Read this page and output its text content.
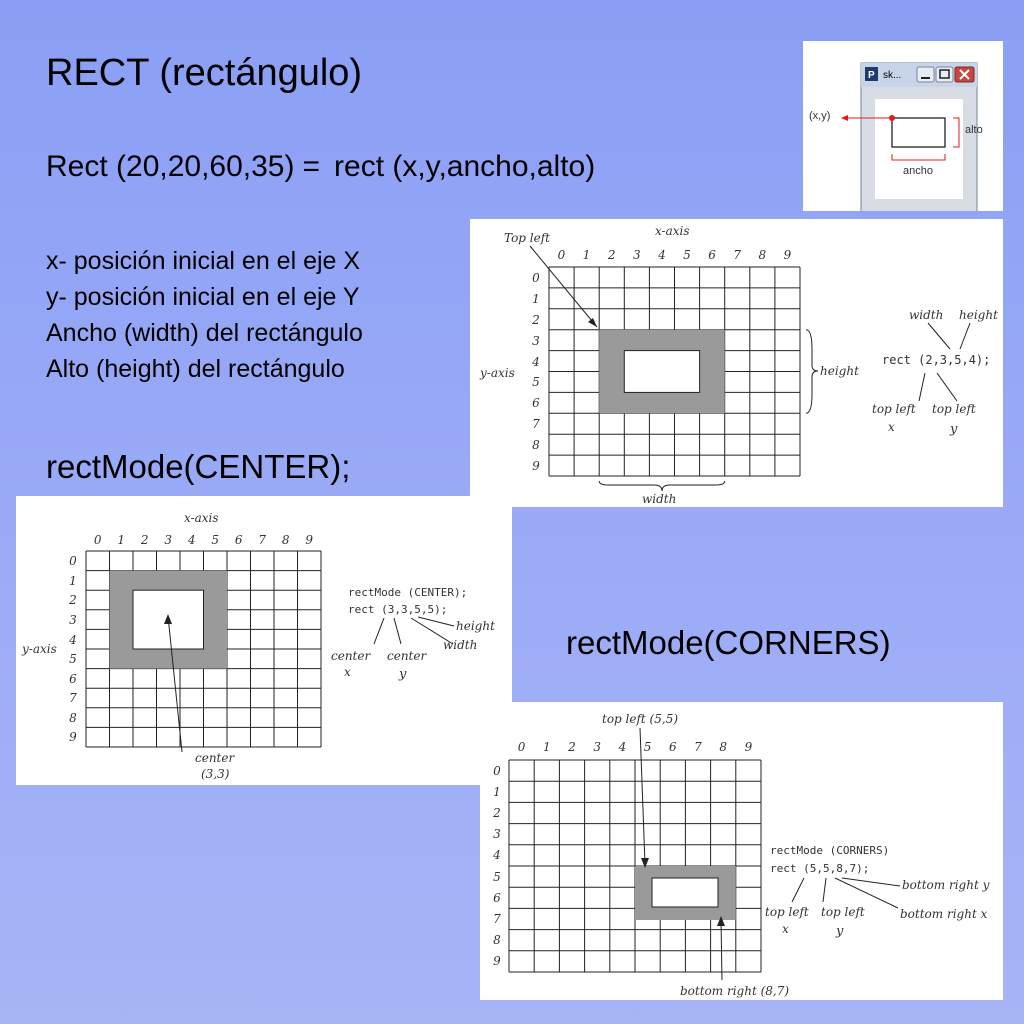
RECT (rectángulo)
Rect (20,20,60,35) = rect (x,y,ancho,alto)
x- posición inicial en el eje X
y- posición inicial en el eje Y
Ancho (width) del rectángulo
Alto (height) del rectángulo
rectMode(CENTER);
rectMode(CORNERS)
P sk...
(x,y)
alto
ancho
x-axis
y-axis
0 1 2 3 4 5 6 7 8 9
0
1
2
3
4
5
6
7
8
9
Top left
height
width
width height
rect (2,3,5,4);
top left
x
top left
y
x-axis
y-axis
0 1 2 3 4 5 6 7 8 9
0
1
2
3
4
5
6
7
8
9
center
(3,3)
rectMode (CENTER);
rect (3,3,5,5);
height
width
center
x
center
y
0 1 2 3 4 5 6 7 8 9
0
1
2
3
4
5
6
7
8
9
top left (5,5)
bottom right (8,7)
rectMode (CORNERS)
rect (5,5,8,7);
bottom right y
bottom right x
top left
x
top left
y
